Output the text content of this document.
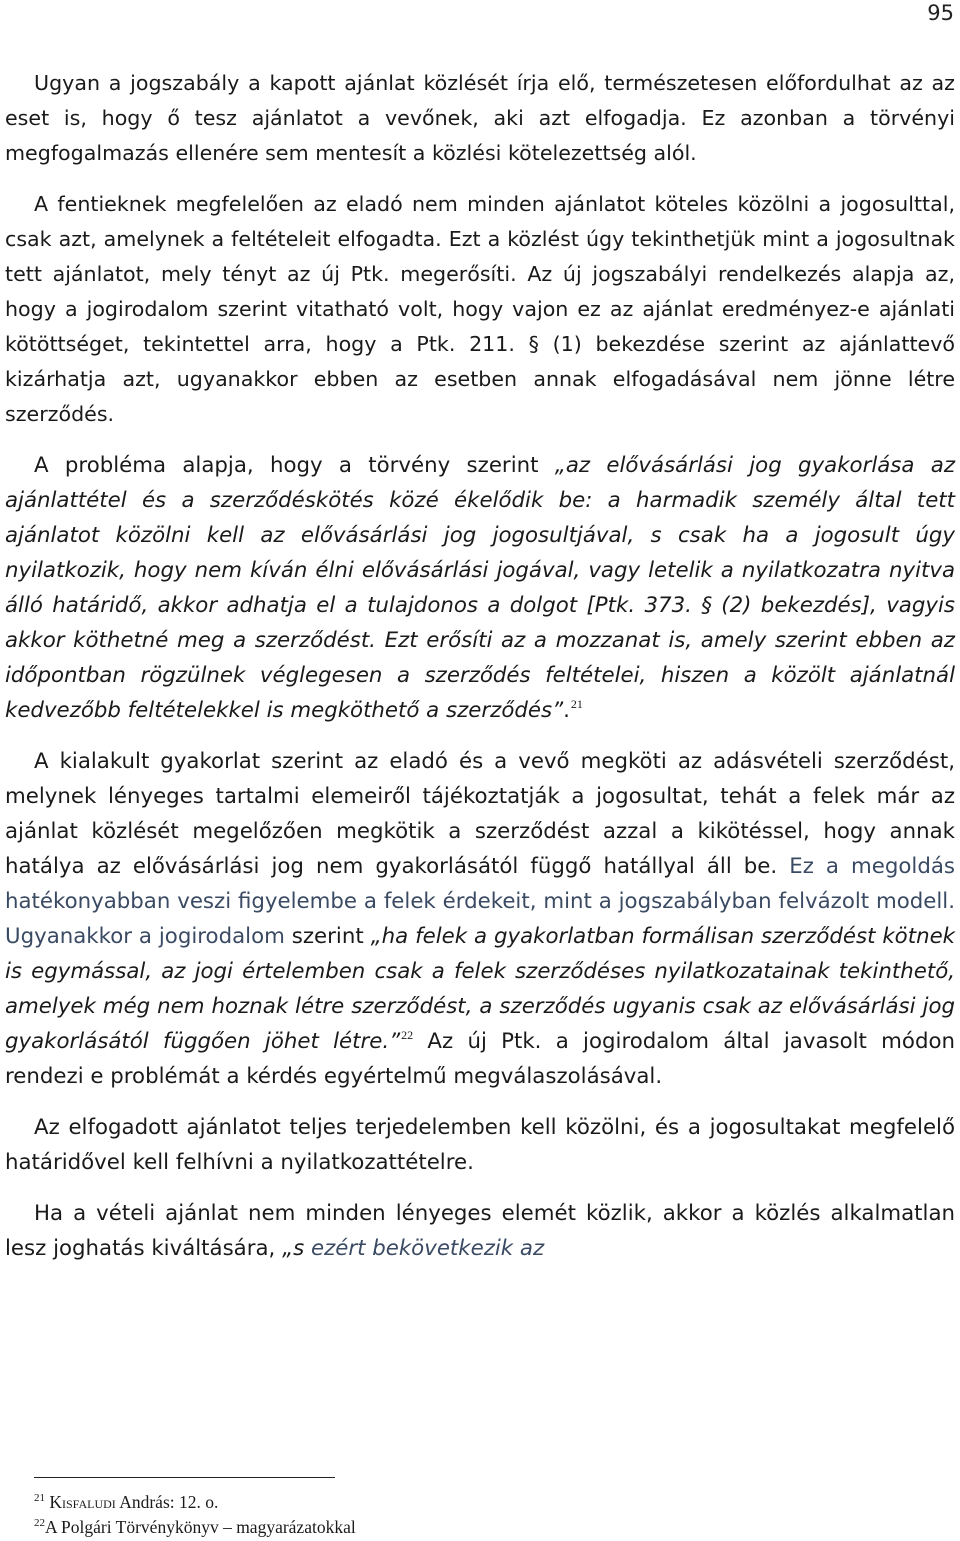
95

Ugyan a jogszabály a kapott ajánlat közlését írja elő, természetesen előfordulhat az az eset is, hogy ő tesz ajánlatot a vevőnek, aki azt elfogadja. Ez azonban a törvényi megfogalmazás ellenére sem mentesít a közlési kötelezettség alól.

A fentieknek megfelelően az eladó nem minden ajánlatot köteles közölni a jogosulttal, csak azt, amelynek a feltételeit elfogadta. Ezt a közlést úgy tekinthetjük mint a jogosultnak tett ajánlatot, mely tényt az új Ptk. megerősíti. Az új jogszabályi rendelkezés alapja az, hogy a jogirodalom szerint vitatható volt, hogy vajon ez az ajánlat eredményez-e ajánlati kötöttséget, tekintettel arra, hogy a Ptk. 211. § (1) bekezdése szerint az ajánlattevő kizárhatja azt, ugyanakkor ebben az esetben annak elfogadásával nem jönne létre szerződés.

A probléma alapja, hogy a törvény szerint „az elővásárlási jog gyakorlása az ajánlattétel és a szerződéskötés közé ékelődik be: a harmadik személy által tett ajánlatot közölni kell az elővásárlási jog jogosultjával, s csak ha a jogosult úgy nyilatkozik, hogy nem kíván élni elővásárlási jogával, vagy letelik a nyilatkozatra nyitva álló határidő, akkor adhatja el a tulajdonos a dolgot [Ptk. 373. § (2) bekezdés], vagyis akkor köthetné meg a szerződést. Ezt erősíti az a mozzanat is, amely szerint ebben az időpontban rögzülnek véglegesen a szerződés feltételei, hiszen a közölt ajánlatnál kedvezőbb feltételekkel is megköthető a szerződés”.$^{21}$

A kialakult gyakorlat szerint az eladó és a vevő megköti az adásvételi szerződést, melynek lényeges tartalmi elemeiről tájékoztatják a jogosultat, tehát a felek már az ajánlat közlését megelőzően megkötik a szerződést azzal a kikötéssel, hogy annak hatálya az elővásárlási jog nem gyakorlásától függő hatállyal áll be. Ez a megoldás hatékonyabban veszi figyelembe a felek érdekeit, mint a jogszabályban felvázolt modell. Ugyanakkor a jogirodalom szerint „ha felek a gyakorlatban formálisan szerződést kötnek is egymással, az jogi értelemben csak a felek szerződéses nyilatkozatainak tekinthető, amelyek még nem hoznak létre szerződést, a szerződés ugyanis csak az elővásárlási jog gyakorlásától függően jöhet létre.”$^{22}$ Az új Ptk. a jogirodalom által javasolt módon rendezi e problémát a kérdés egyértelmű megválaszolásával.

Az elfogadott ajánlatot teljes terjedelemben kell közölni, és a jogosultakat megfelelő határidővel kell felhívni a nyilatkozattételre.

Ha a vételi ajánlat nem minden lényeges elemét közlik, akkor a közlés alkalmatlan lesz joghatás kiváltására, „s ezért bekövetkezik az

$^{21}$ Kisfaludi András: 12. o.
$^{22}$A Polgári Törvénykönyv – magyarázatokkal
